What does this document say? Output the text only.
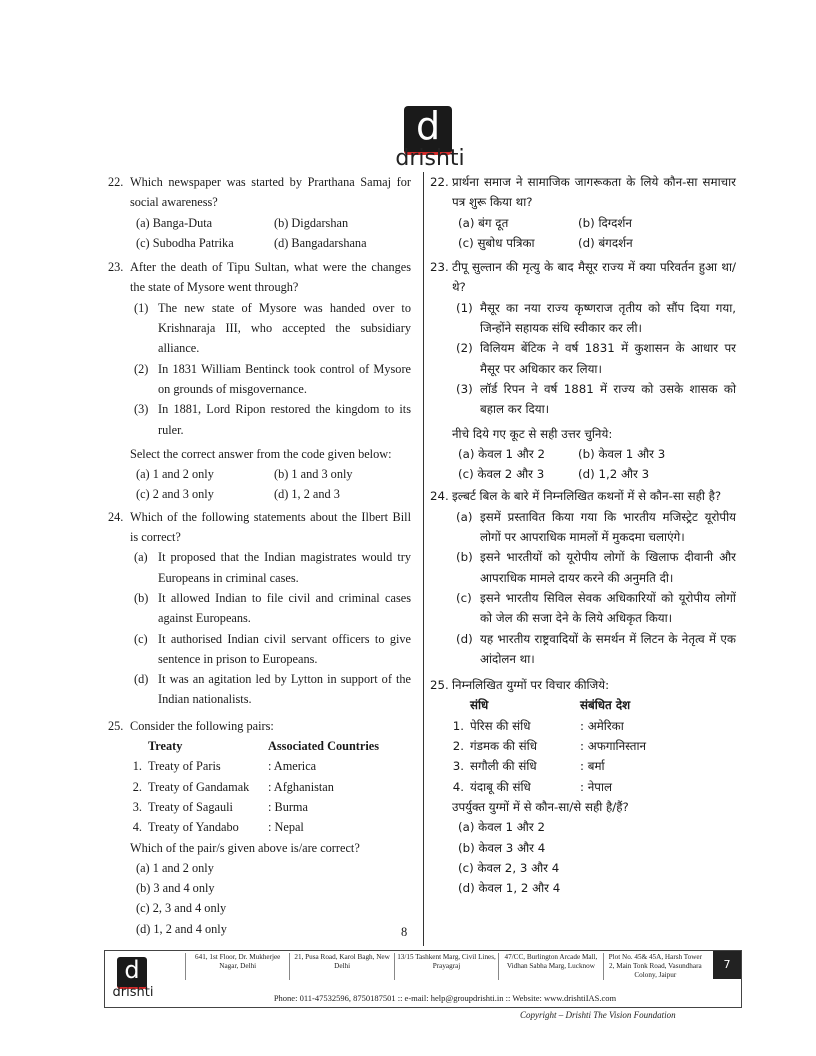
d
drishti
22. Which newspaper was started by Prarthana Samaj for social awareness?
(a) Banga-Duta	(b) Digdarshan
(c) Subodha Patrika	(d) Bangadarshana
23. After the death of Tipu Sultan, what were the changes the state of Mysore went through?
(1) The new state of Mysore was handed over to Krishnaraja III, who accepted the subsidiary alliance.
(2) In 1831 William Bentinck took control of Mysore on grounds of misgovernance.
(3) In 1881, Lord Ripon restored the kingdom to its ruler.
Select the correct answer from the code given below:
(a) 1 and 2 only	(b) 1 and 3 only
(c) 2 and 3 only	(d) 1, 2 and 3
24. Which of the following statements about the Ilbert Bill is correct?
(a) It proposed that the Indian magistrates would try Europeans in criminal cases.
(b) It allowed Indian to file civil and criminal cases against Europeans.
(c) It authorised Indian civil servant officers to give sentence in prison to Europeans.
(d) It was an agitation led by Lytton in support of the Indian nationalists.
25. Consider the following pairs:
Treaty	Associated Countries
1. Treaty of Paris	: America
2. Treaty of Gandamak	: Afghanistan
3. Treaty of Sagauli	: Burma
4. Treaty of Yandabo	: Nepal
Which of the pair/s given above is/are correct?
(a) 1 and 2 only
(b) 3 and 4 only
(c) 2, 3 and 4 only
(d) 1, 2 and 4 only
22. प्रार्थना समाज ने सामाजिक जागरूकता के लिये कौन-सा समाचार पत्र शुरू किया था?
(a) बंग दूत	(b) दिग्दर्शन
(c) सुबोध पत्रिका	(d) बंगदर्शन
23. टीपू सुल्तान की मृत्यु के बाद मैसूर राज्य में क्या परिवर्तन हुआ था/थे?
(1) मैसूर का नया राज्य कृष्णराज तृतीय को सौंप दिया गया, जिन्होंने सहायक संधि स्वीकार कर ली।
(2) विलियम बेंटिक ने वर्ष 1831 में कुशासन के आधार पर मैसूर पर अधिकार कर लिया।
(3) लॉर्ड रिपन ने वर्ष 1881 में राज्य को उसके शासक को बहाल कर दिया।
नीचे दिये गए कूट से सही उत्तर चुनिये:
(a) केवल 1 और 2	(b) केवल 1 और 3
(c) केवल 2 और 3	(d) 1,2 और 3
24. इल्बर्ट बिल के बारे में निम्नलिखित कथनों में से कौन-सा सही है?
(a) इसमें प्रस्तावित किया गया कि भारतीय मजिस्ट्रेट यूरोपीय लोगों पर आपराधिक मामलों में मुकदमा चलाएंगे।
(b) इसने भारतीयों को यूरोपीय लोगों के खिलाफ दीवानी और आपराधिक मामले दायर करने की अनुमति दी।
(c) इसने भारतीय सिविल सेवक अधिकारियों को यूरोपीय लोगों को जेल की सजा देने के लिये अधिकृत किया।
(d) यह भारतीय राष्ट्रवादियों के समर्थन में लिटन के नेतृत्व में एक आंदोलन था।
25. निम्नलिखित युग्मों पर विचार कीजिये:
संधि	संबंधित देश
1. पेरिस की संधि	: अमेरिका
2. गंडमक की संधि	: अफगानिस्तान
3. सगौली की संधि	: बर्मा
4. यंदाबू की संधि	: नेपाल
उपर्युक्त युग्मों में से कौन-सा/से सही है/हैं?
(a) केवल 1 और 2
(b) केवल 3 और 4
(c) केवल 2, 3 और 4
(d) केवल 1, 2 और 4
8
d
drishti
641, 1st Floor, Dr. Mukherjee Nagar, Delhi
21, Pusa Road, Karol Bagh, New Delhi
13/15 Tashkent Marg, Civil Lines, Prayagraj
47/CC, Burlington Arcade Mall, Vidhan Sabha Marg, Lucknow
Plot No. 45& 45A, Harsh Tower 2, Main Tonk Road, Vasundhara Colony, Jaipur
Phone: 011-47532596, 8750187501 :: e-mail: help@groupdrishti.in :: Website: www.drishtiIAS.com
7
Copyright – Drishti The Vision Foundation
